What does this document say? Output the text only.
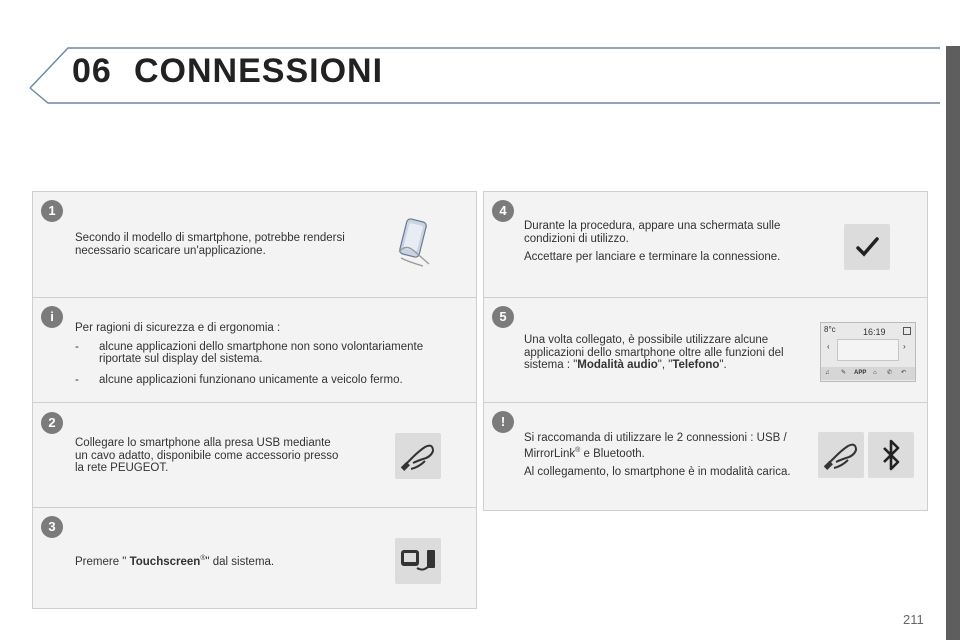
06 CONNESSIONI
1
Secondo il modello di smartphone, potrebbe rendersi necessario scaricare un'applicazione.
i
Per ragioni di sicurezza e di ergonomia :
- alcune applicazioni dello smartphone non sono volontariamente riportate sul display del sistema.
- alcune applicazioni funzionano unicamente a veicolo fermo.
2
Collegare lo smartphone alla presa USB mediante un cavo adatto, disponibile come accessorio presso la rete PEUGEOT.
3
Premere " Touchscreen®" dal sistema.
4

Durante la procedura, appare una schermata sulle condizioni di utilizzo.

Accettare per lanciare e terminare la connessione.

5
Una volta collegato, è possibile utilizzare alcune applicazioni dello smartphone oltre alle funzioni del sistema : "Modalità audio", "Telefono".
8°c	16:19
‹	›
♫ ✎ APP ⌂ ✆ ↶
!

Si raccomanda di utilizzare le 2 connessioni : USB / MirrorLink® e Bluetooth.

Al collegamento, lo smartphone è in modalità carica.

211
